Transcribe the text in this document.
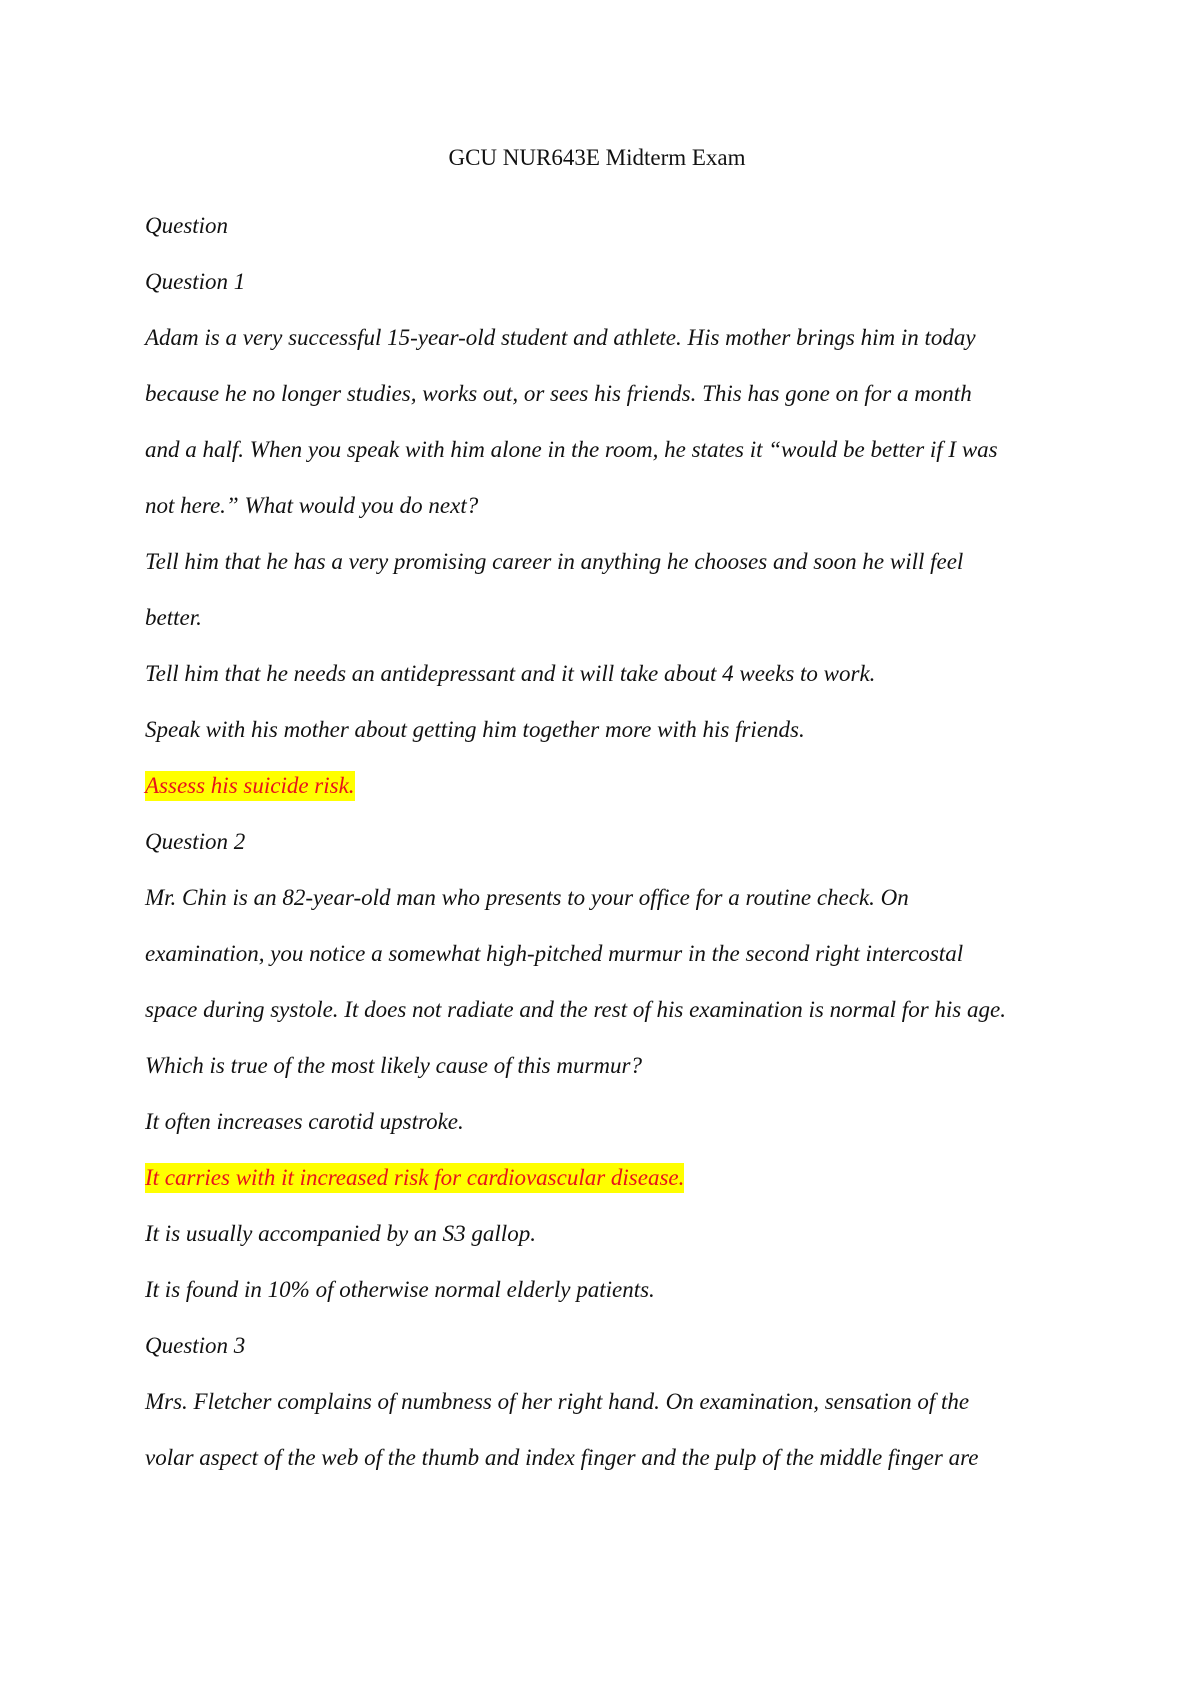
GCU NUR643E Midterm Exam
Question
Question 1
Adam is a very successful 15-year-old student and athlete. His mother brings him in today
because he no longer studies, works out, or sees his friends. This has gone on for a month
and a half. When you speak with him alone in the room, he states it “would be better if I was
not here.” What would you do next?
Tell him that he has a very promising career in anything he chooses and soon he will feel
better.
Tell him that he needs an antidepressant and it will take about 4 weeks to work.
Speak with his mother about getting him together more with his friends.
Assess his suicide risk.
Question 2
Mr. Chin is an 82-year-old man who presents to your office for a routine check. On
examination, you notice a somewhat high-pitched murmur in the second right intercostal
space during systole. It does not radiate and the rest of his examination is normal for his age.
Which is true of the most likely cause of this murmur?
It often increases carotid upstroke.
It carries with it increased risk for cardiovascular disease.
It is usually accompanied by an S3 gallop.
It is found in 10% of otherwise normal elderly patients.
Question 3
Mrs. Fletcher complains of numbness of her right hand. On examination, sensation of the
volar aspect of the web of the thumb and index finger and the pulp of the middle finger are
